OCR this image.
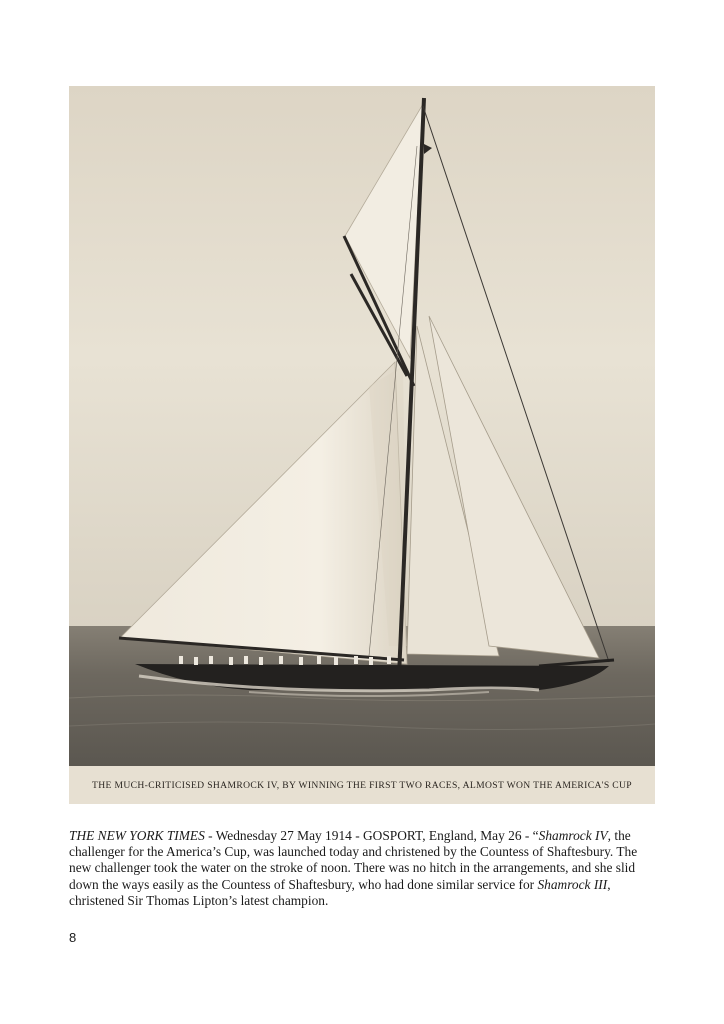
THE MUCH-CRITICISED SHAMROCK IV, BY WINNING THE FIRST TWO RACES, ALMOST WON THE AMERICA'S CUP
THE NEW YORK TIMES - Wednesday 27 May 1914 - GOSPORT, England, May 26 - “Shamrock IV, the challenger for the America’s Cup, was launched today and christened by the Countess of Shaftesbury. The new challenger took the water on the stroke of noon. There was no hitch in the arrangements, and she slid down the ways easily as the Countess of Shaftesbury, who had done similar service for Shamrock III, christened Sir Thomas Lipton’s latest champion.
8
